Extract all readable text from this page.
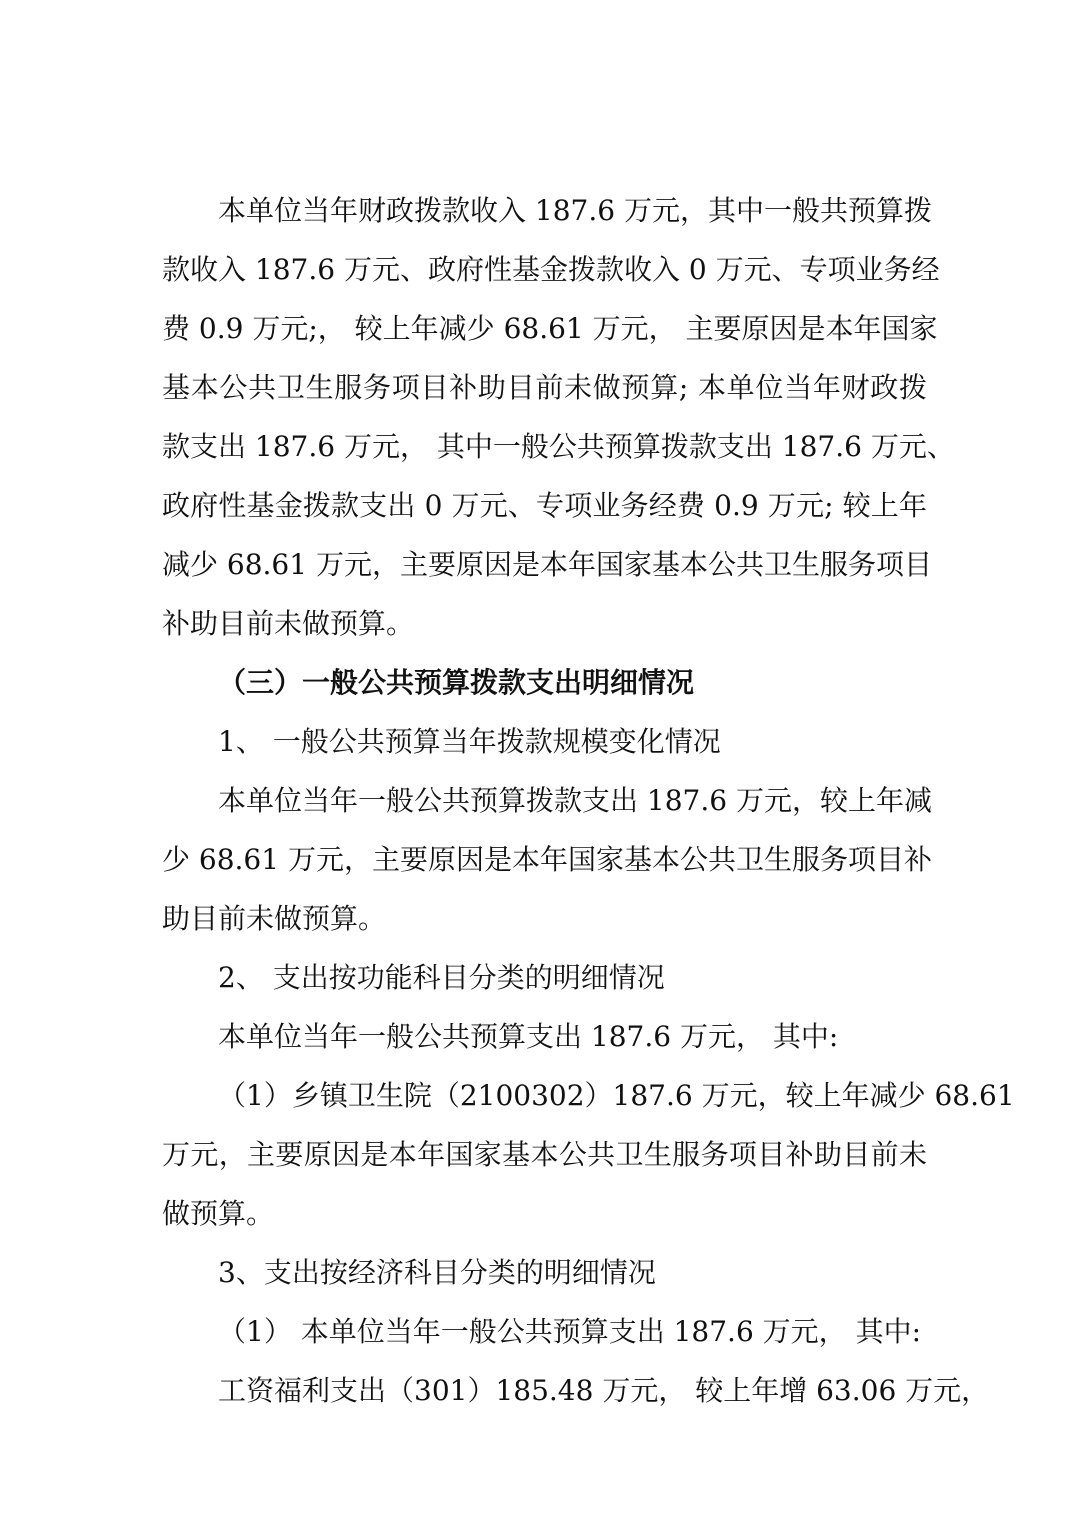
本单位当年财政拨款收入 187.6 万元，其中一般共预算拨
款收入 187.6 万元、政府性基金拨款收入 0 万元、专项业务经
费 0.9 万元;， 较上年减少 68.61 万元， 主要原因是本年国家
基本公共卫生服务项目补助目前未做预算; 本单位当年财政拨
款支出 187.6 万元， 其中一般公共预算拨款支出 187.6 万元、
政府性基金拨款支出 0 万元、专项业务经费 0.9 万元; 较上年
减少 68.61 万元，主要原因是本年国家基本公共卫生服务项目
补助目前未做预算。
（三）一般公共预算拨款支出明细情况
1、 一般公共预算当年拨款规模变化情况
本单位当年一般公共预算拨款支出 187.6 万元，较上年减
少 68.61 万元，主要原因是本年国家基本公共卫生服务项目补
助目前未做预算。
2、 支出按功能科目分类的明细情况
本单位当年一般公共预算支出 187.6 万元， 其中:
（1）乡镇卫生院（2100302）187.6 万元，较上年减少 68.61
万元，主要原因是本年国家基本公共卫生服务项目补助目前未
做预算。
3、支出按经济科目分类的明细情况
（1） 本单位当年一般公共预算支出 187.6 万元， 其中:
工资福利支出（301）185.48 万元， 较上年增 63.06 万元，
